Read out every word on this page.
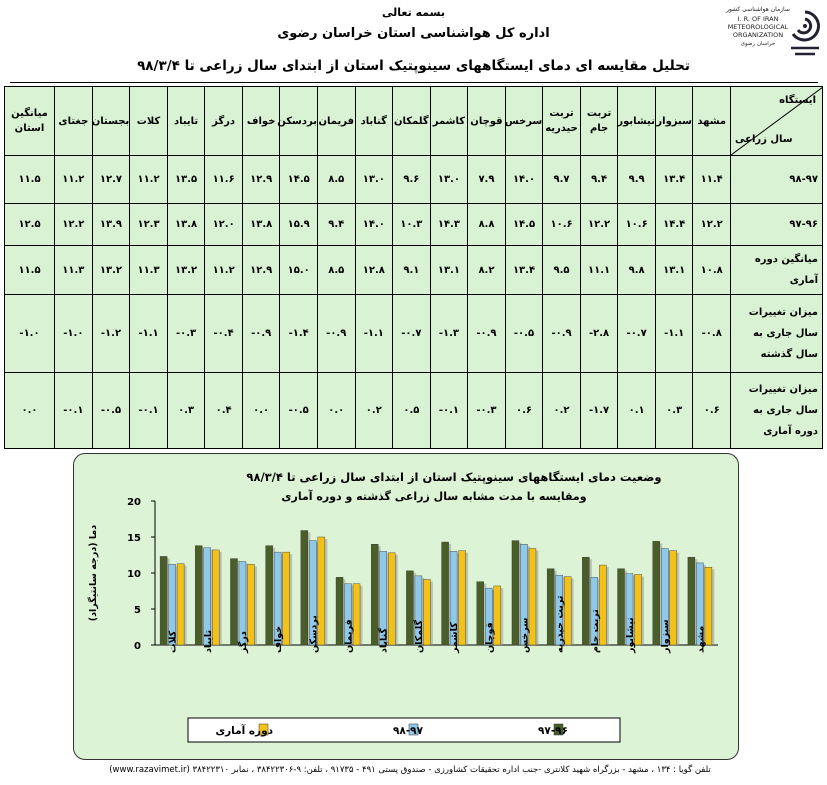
بسمه تعالی
اداره کل هواشناسی استان خراسان رضوی
تحلیل مقایسه ای دمای ایستگاههای سینوپتیک استان از ابتدای سال زراعی تا ۹۸/۳/۴
سازمان هواشناسی کشور
I. R. OF IRAN
METEOROLOGICAL
ORGANIZATION
خراسان رضوی
ایستگاه
سال زراعی	مشهد	سبزوار	نیشابور	تربت جام	تربت حیدریه	سرخس	قوچان	کاشمر	گلمکان	گناباد	فریمان	بردسکن	خواف	درگز	تایباد	کلات	بجستان	جغتای	میانگین استان
۹۸-۹۷	۱۱.۴	۱۳.۴	۹.۹	۹.۴	۹.۷	۱۴.۰	۷.۹	۱۳.۰	۹.۶	۱۳.۰	۸.۵	۱۴.۵	۱۲.۹	۱۱.۶	۱۳.۵	۱۱.۲	۱۲.۷	۱۱.۲	۱۱.۵
۹۷-۹۶	۱۲.۲	۱۴.۴	۱۰.۶	۱۲.۲	۱۰.۶	۱۴.۵	۸.۸	۱۴.۳	۱۰.۳	۱۴.۰	۹.۴	۱۵.۹	۱۳.۸	۱۲.۰	۱۳.۸	۱۲.۳	۱۳.۹	۱۲.۲	۱۲.۵
میانگین دوره آماری	۱۰.۸	۱۳.۱	۹.۸	۱۱.۱	۹.۵	۱۳.۴	۸.۲	۱۳.۱	۹.۱	۱۲.۸	۸.۵	۱۵.۰	۱۲.۹	۱۱.۲	۱۳.۲	۱۱.۳	۱۳.۲	۱۱.۳	۱۱.۵
میزان تغییرات سال جاری به سال گذشته	-۰.۸	-۱.۱	-۰.۷	-۲.۸	-۰.۹	-۰.۵	-۰.۹	-۱.۳	-۰.۷	-۱.۱	-۰.۹	-۱.۴	-۰.۹	-۰.۴	-۰.۳	-۱.۱	-۱.۲	-۱.۰	-۱.۰
میزان تغییرات سال جاری به دوره آماری	۰.۶	۰.۳	۰.۱	-۱.۷	۰.۲	۰.۶	-۰.۳	-۰.۱	۰.۵	۰.۲	۰.۰	-۰.۵	۰.۰	۰.۴	۰.۳	-۰.۱	-۰.۵	-۰.۱	۰.۰
وضعیت دمای ایستگاههای سینوپتیک استان از ابتدای سال زراعی تا ۹۸/۳/۴
ومقایسه با مدت مشابه سال زراعی گذشته و دوره آماری
0
5
10
15
20
دما (درجه سانتیگراد)
مشهد
سبزوار
نیشابور
تربت جام
تربت حیدریه
سرخس
قوچان
کاشمر
گلمکان
گناباد
فریمان
بردسکن
خواف
درگز
تایباد
کلات
۹۷-۹۶
۹۸-۹۷
دوره آماری
تلفن گویا : ۱۳۴ ، مشهد - بزرگراه شهید کلانتری -جنب اداره تحقیقات کشاورزی - صندوق پستی ۴۹۱ - ۹۱۷۳۵ ، تلفن: ۹-۳۸۴۲۲۳۰۶ ، نمابر ۳۸۴۲۲۳۱۰ (www.razavimet.ir)
